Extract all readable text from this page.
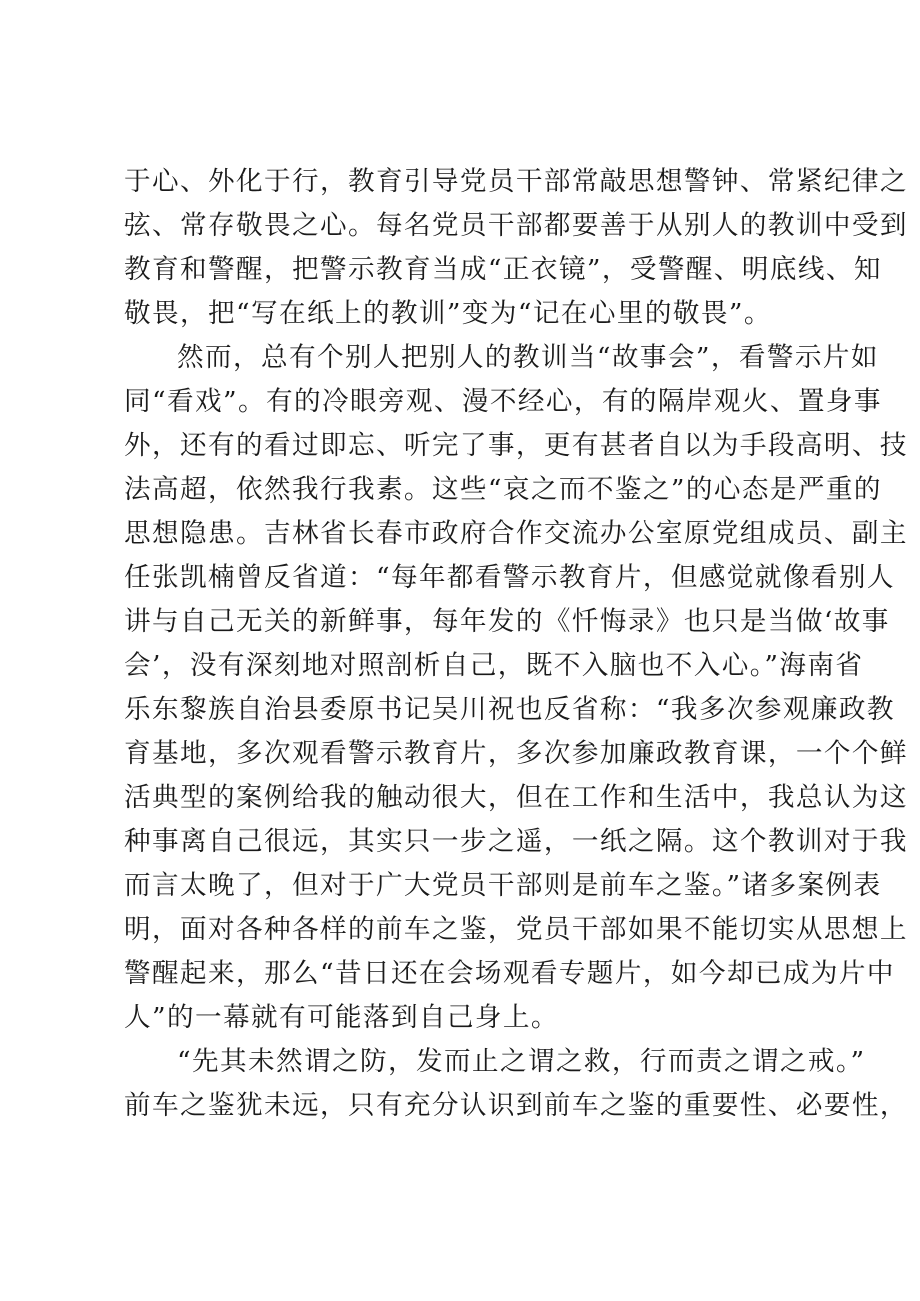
于心、外化于行，教育引导党员干部常敲思想警钟、常紧纪律之
弦、常存敬畏之心。每名党员干部都要善于从别人的教训中受到
教育和警醒，把警示教育当成“正衣镜”，受警醒、明底线、知
敬畏，把“写在纸上的教训”变为“记在心里的敬畏”。
然而，总有个别人把别人的教训当“故事会”，看警示片如
同“看戏”。有的冷眼旁观、漫不经心，有的隔岸观火、置身事
外，还有的看过即忘、听完了事，更有甚者自以为手段高明、技
法高超，依然我行我素。这些“哀之而不鉴之”的心态是严重的
思想隐患。吉林省长春市政府合作交流办公室原党组成员、副主
任张凯楠曾反省道：“每年都看警示教育片，但感觉就像看别人
讲与自己无关的新鲜事，每年发的《忏悔录》也只是当做‘故事
会’，没有深刻地对照剖析自己，既不入脑也不入心。”海南省
乐东黎族自治县委原书记吴川祝也反省称：“我多次参观廉政教
育基地，多次观看警示教育片，多次参加廉政教育课，一个个鲜
活典型的案例给我的触动很大，但在工作和生活中，我总认为这
种事离自己很远，其实只一步之遥，一纸之隔。这个教训对于我
而言太晚了，但对于广大党员干部则是前车之鉴。”诸多案例表
明，面对各种各样的前车之鉴，党员干部如果不能切实从思想上
警醒起来，那么“昔日还在会场观看专题片，如今却已成为片中
人”的一幕就有可能落到自己身上。
“先其未然谓之防，发而止之谓之救，行而责之谓之戒。”
前车之鉴犹未远，只有充分认识到前车之鉴的重要性、必要性，
